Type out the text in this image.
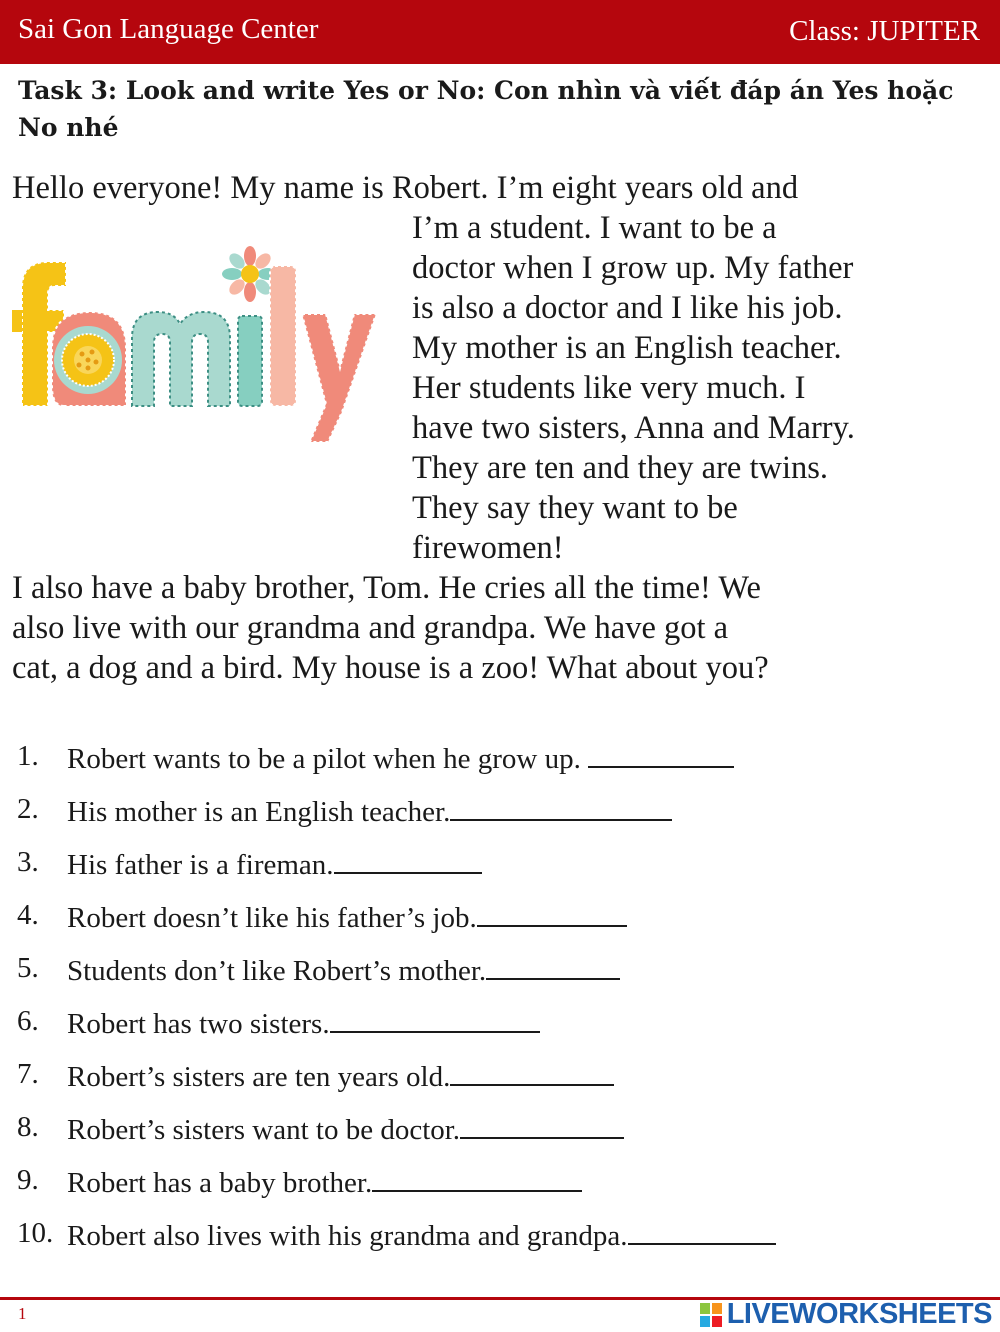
Sai Gon Language Center	Class: JUPITER
Task 3: Look and write Yes or No: Con nhìn và viết đáp án Yes hoặc No nhé
Hello everyone! My name is Robert. I’m eight years old and
I’m a student. I want to be a
doctor when I grow up. My father
is also a doctor and I like his job.
My mother is an English teacher.
Her students like very much. I
have two sisters, Anna and Marry.
They are ten and they are twins.
They say they want to be
firewomen!
I also have a baby brother, Tom. He cries all the time! We
also live with our grandma and grandpa. We have got a
cat, a dog and a bird. My house is a zoo! What about you?
1. Robert wants to be a pilot when he grow up.
2. His mother is an English teacher.
3. His father is a fireman.
4. Robert doesn’t like his father’s job.
5. Students don’t like Robert’s mother.
6. Robert has two sisters.
7. Robert’s sisters are ten years old.
8. Robert’s sisters want to be doctor.
9. Robert has a baby brother.
10. Robert also lives with his grandma and grandpa.
1	LIVEWORKSHEETS
